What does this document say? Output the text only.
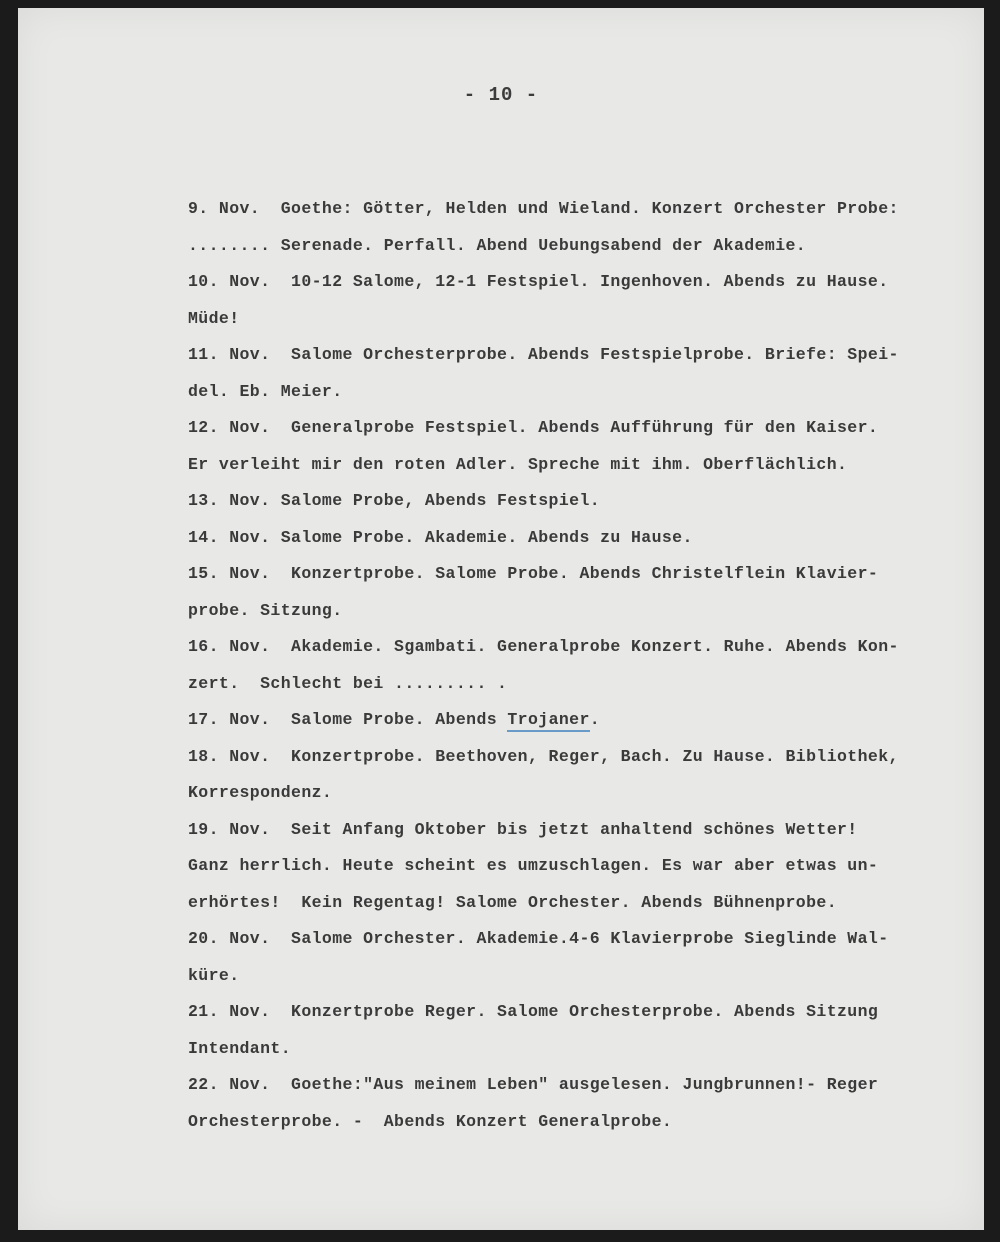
- 10 -
9. Nov.  Goethe: Götter, Helden und Wieland. Konzert Orchester Probe:
........ Serenade. Perfall. Abend Uebungsabend der Akademie.
10. Nov.  10-12 Salome, 12-1 Festspiel. Ingenhoven. Abends zu Hause.
Müde!
11. Nov.  Salome Orchesterprobe. Abends Festspielprobe. Briefe: Spei-
del. Eb. Meier.
12. Nov.  Generalprobe Festspiel. Abends Aufführung für den Kaiser.
Er verleiht mir den roten Adler. Spreche mit ihm. Oberflächlich.
13. Nov. Salome Probe, Abends Festspiel.
14. Nov. Salome Probe. Akademie. Abends zu Hause.
15. Nov.  Konzertprobe. Salome Probe. Abends Christelflein Klavier-
probe. Sitzung.
16. Nov.  Akademie. Sgambati. Generalprobe Konzert. Ruhe. Abends Kon-
zert.  Schlecht bei ......... .
17. Nov.  Salome Probe. Abends Trojaner.
18. Nov.  Konzertprobe. Beethoven, Reger, Bach. Zu Hause. Bibliothek,
Korrespondenz.
19. Nov.  Seit Anfang Oktober bis jetzt anhaltend schönes Wetter!
Ganz herrlich. Heute scheint es umzuschlagen. Es war aber etwas un-
erhörtes!  Kein Regentag! Salome Orchester. Abends Bühnenprobe.
20. Nov.  Salome Orchester. Akademie.4-6 Klavierprobe Sieglinde Wal-
küre.
21. Nov.  Konzertprobe Reger. Salome Orchesterprobe. Abends Sitzung
Intendant.
22. Nov.  Goethe:"Aus meinem Leben" ausgelesen. Jungbrunnen!- Reger
Orchesterprobe. -  Abends Konzert Generalprobe.
